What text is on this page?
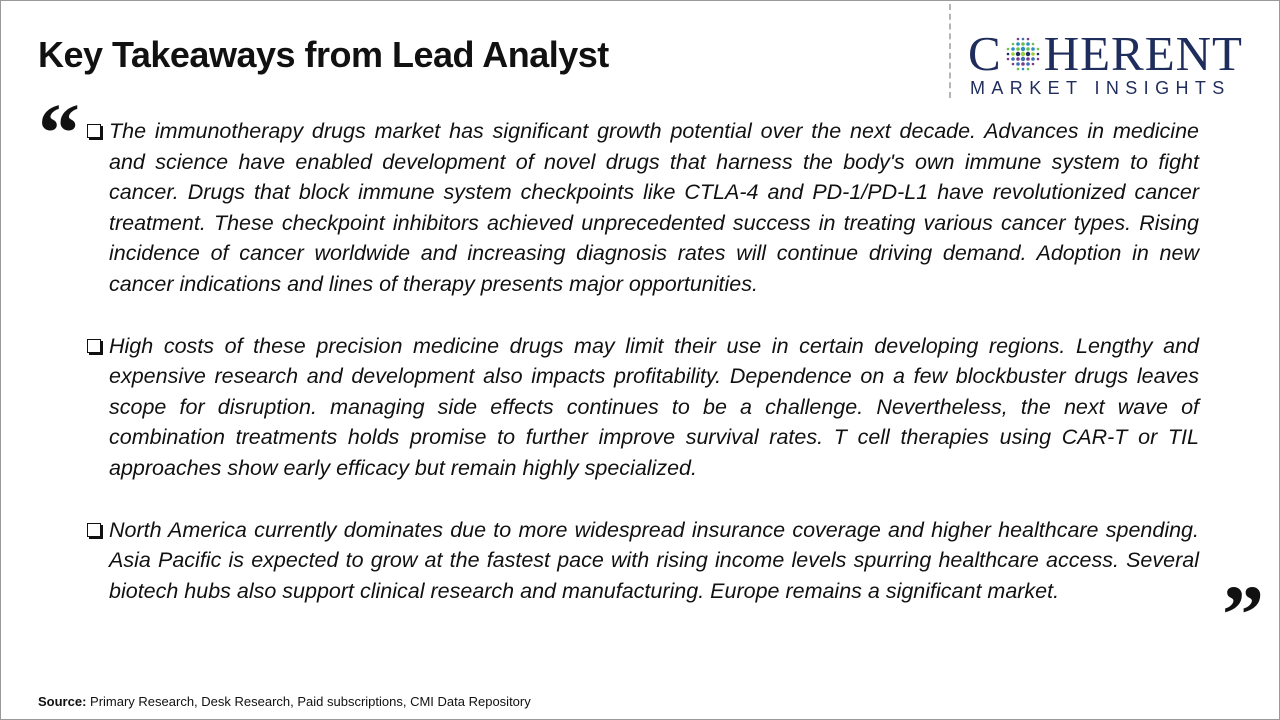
Key Takeaways from Lead Analyst	C HERENT
MARKET INSIGHTS
“	The immunotherapy drugs market has significant growth potential over the next decade. Advances in medicine and science have enabled development of novel drugs that harness the body's own immune system to fight cancer. Drugs that block immune system checkpoints like CTLA-4 and PD-1/PD-L1 have revolutionized cancer treatment. These checkpoint inhibitors achieved unprecedented success in treating various cancer types. Rising incidence of cancer worldwide and increasing diagnosis rates will continue driving demand. Adoption in new cancer indications and lines of therapy presents major opportunities.
High costs of these precision medicine drugs may limit their use in certain developing regions. Lengthy and expensive research and development also impacts profitability. Dependence on a few blockbuster drugs leaves scope for disruption. managing side effects continues to be a challenge. Nevertheless, the next wave of combination treatments holds promise to further improve survival rates. T cell therapies using CAR-T or TIL approaches show early efficacy but remain highly specialized.
North America currently dominates due to more widespread insurance coverage and higher healthcare spending. Asia Pacific is expected to grow at the fastest pace with rising income levels spurring healthcare access. Several biotech hubs also support clinical research and manufacturing. Europe remains a significant market.	”
Source: Primary Research, Desk Research, Paid subscriptions, CMI Data Repository
